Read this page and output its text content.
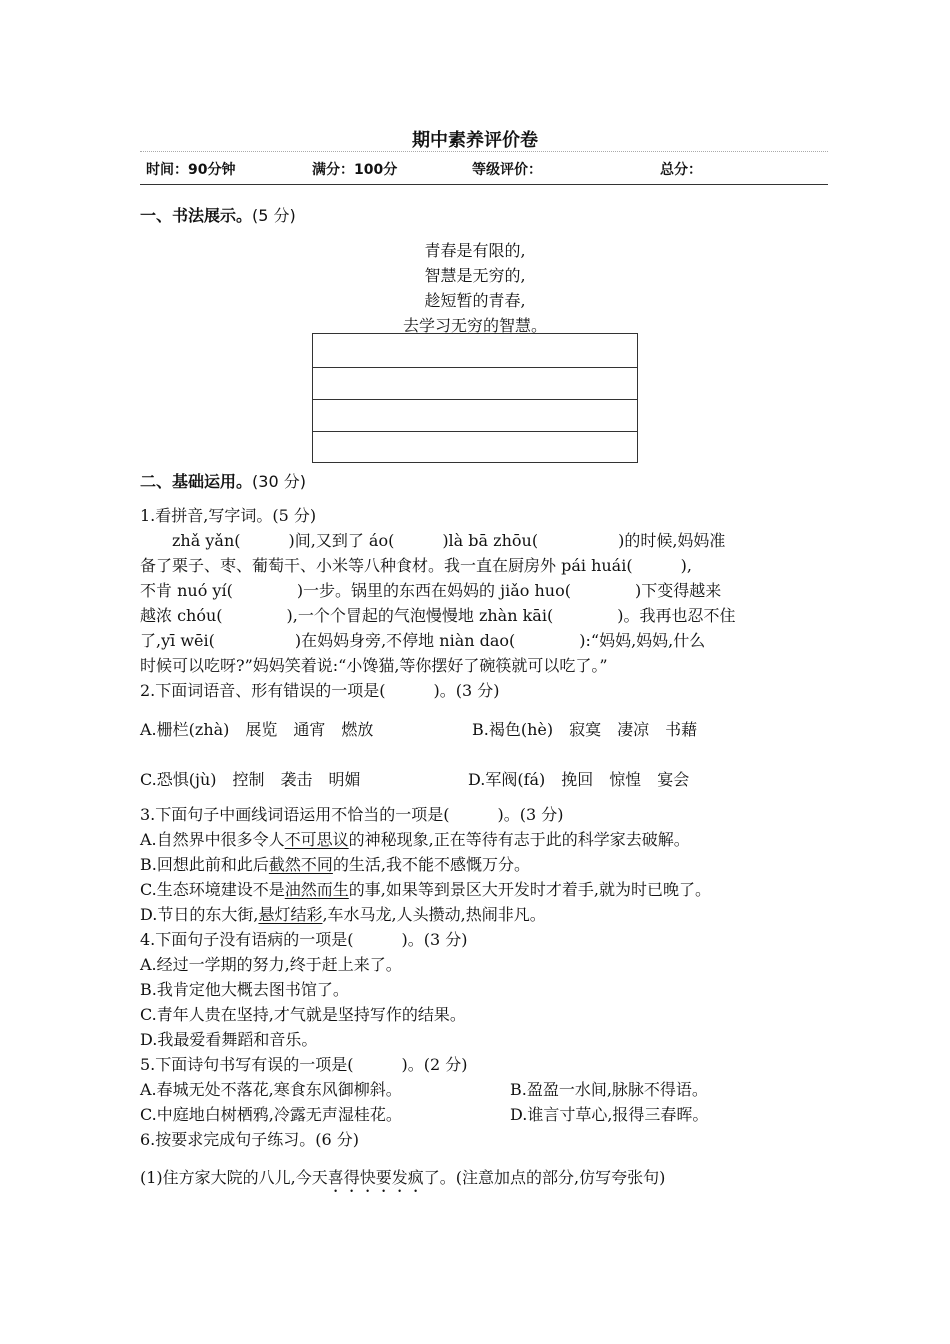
期中素养评价卷
时间：90分钟	满分：100分	等级评价：	总分：
一、书法展示。(5 分)
青春是有限的,
智慧是无穷的,
趁短暂的青春,
去学习无穷的智慧。
二、基础运用。(30 分)
1.看拼音,写字词。(5 分)
　　zhǎ yǎn(　　　)间,又到了 áo(　　　)là bā zhōu(　　　　　)的时候,妈妈准
备了栗子、枣、葡萄干、小米等八种食材。我一直在厨房外 pái huái(　　　),
不肯 nuó yí(　　　　)一步。锅里的东西在妈妈的 jiǎo huo(　　　　)下变得越来
越浓 chóu(　　　　),一个个冒起的气泡慢慢地 zhàn kāi(　　　　)。我再也忍不住
了,yī wēi(　　　　　)在妈妈身旁,不停地 niàn dao(　　　　):“妈妈,妈妈,什么
时候可以吃呀?”妈妈笑着说:“小馋猫,等你摆好了碗筷就可以吃了。”
2.下面词语音、形有错误的一项是(　　　)。(3 分)
A.栅栏(zhà)　展览　通宵　燃放	B.褐色(hè)　寂寞　凄凉　书藉
C.恐惧(jù)　控制　袭击　明媚	D.军阀(fá)　挽回　惊惶　宴会
3.下面句子中画线词语运用不恰当的一项是(　　　)。(3 分)
A.自然界中很多令人不可思议的神秘现象,正在等待有志于此的科学家去破解。
B.回想此前和此后截然不同的生活,我不能不感慨万分。
C.生态环境建设不是油然而生的事,如果等到景区大开发时才着手,就为时已晚了。
D.节日的东大街,悬灯结彩,车水马龙,人头攒动,热闹非凡。
4.下面句子没有语病的一项是(　　　)。(3 分)
A.经过一学期的努力,终于赶上来了。
B.我肯定他大概去图书馆了。
C.青年人贵在坚持,才气就是坚持写作的结果。
D.我最爱看舞蹈和音乐。
5.下面诗句书写有误的一项是(　　　)。(2 分)
A.春城无处不落花,寒食东风御柳斜。	B.盈盈一水间,脉脉不得语。
C.中庭地白树栖鸦,冷露无声湿桂花。	D.谁言寸草心,报得三春晖。
6.按要求完成句子练习。(6 分)
(1)住方家大院的八儿,今天喜得快要发疯了。(注意加点的部分,仿写夸张句)
